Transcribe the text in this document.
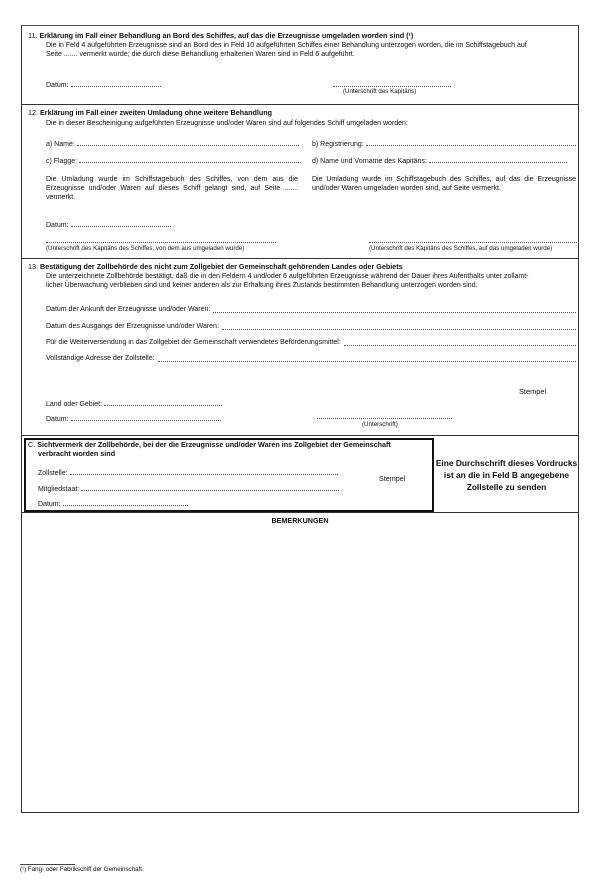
11. Erklärung im Fall einer Behandlung an Bord des Schiffes, auf das die Erzeugnisse umgeladen worden sind (¹)
Die in Feld 4 aufgeführten Erzeugnisse sind an Bord des in Feld 10 aufgeführten Schiffes einer Behandlung unterzogen worden, die im Schiffstagebuch auf
Seite ....... vermerkt wurde; die durch diese Behandlung erhaltenen Waren sind in Feld 6 aufgeführt.
Datum:
(Unterschrift des Kapitäns)
12. Erklärung im Fall einer zweiten Umladung ohne weitere Behandlung
Die in dieser Bescheinigung aufgeführten Erzeugnisse und/oder Waren sind auf folgendes Schiff umgeladen worden:
a) Name:	b) Registrierung:
c) Flagge:	d) Name und Vorname des Kapitäns:
Die Umladung wurde im Schiffstagebuch des Schiffes, von dem aus die Erzeugnisse und/oder Waren auf dieses Schiff gelangt sind, auf Seite ....... vermerkt.
Die Umladung wurde im Schiffstagebuch des Schiffes, auf das die Erzeugnisse und/oder Waren umgeladen worden sind, auf Seite vermerkt.
Datum:
(Unterschrift des Kapitäns des Schiffes, von dem aus umgeladen wurde)	(Unterschrift des Kapitäns des Schiffes, auf das umgeladen wurde)
13. Bestätigung der Zollbehörde des nicht zum Zollgebiet der Gemeinschaft gehörenden Landes oder Gebiets
Die unterzeichnete Zollbehörde bestätigt, daß die in den Feldern 4 und/oder 6 aufgeführten Erzeugnisse während der Dauer ihres Aufenthalts unter zollamt-
licher Überwachung verblieben sind und keiner anderen als zur Erhaltung ihres Zustands bestimmten Behandlung unterzogen worden sind.
Datum der Ankunft der Erzeugnisse und/oder Waren:
Datum des Ausgangs der Erzeugnisse und/oder Waren:
Für die Weiterversendung in das Zollgebiet der Gemeinschaft verwendetes Beförderungsmittel:
Vollständige Adresse der Zollstelle:
Stempel
Land oder Gebiet:
Datum:
(Unterschrift)
C. Sichtvermerk der Zollbehörde, bei der die Erzeugnisse und/oder Waren ins Zollgebiet der Gemeinschaft
verbracht worden sind
Zollstelle:
Mitgliedstaat:
Datum:
Stempel
Eine Durchschrift dieses Vordrucks ist an die in Feld B angegebene Zollstelle zu senden
BEMERKUNGEN
(¹) Fang- oder Fabrikschiff der Gemeinschaft.
